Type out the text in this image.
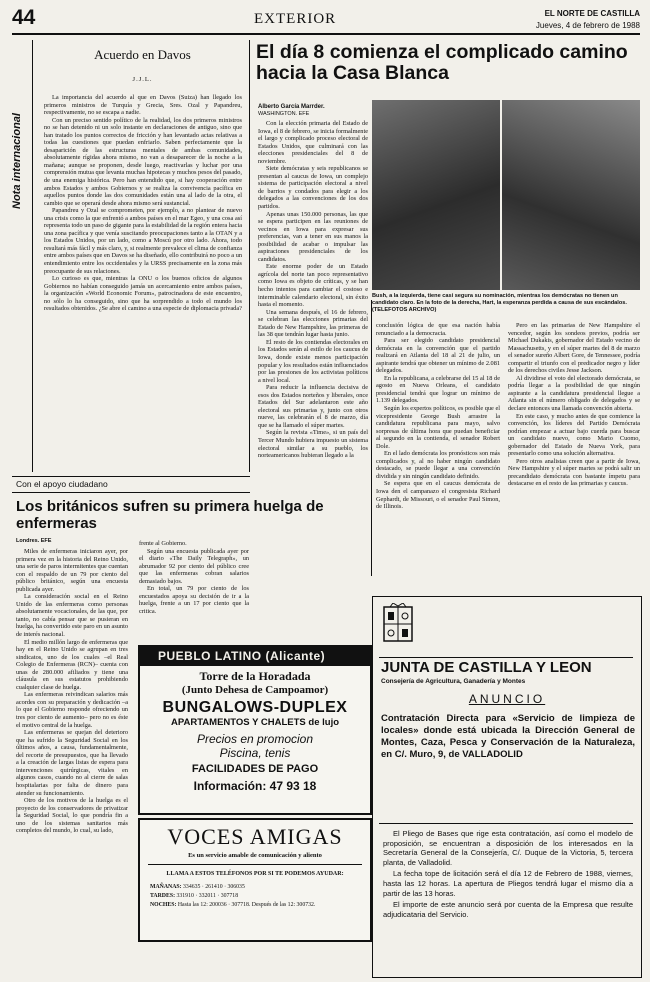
44	EXTERIOR	EL NORTE DE CASTILLA
Jueves, 4 de febrero de 1988
Nota internacional
Acuerdo en Davos
J.J.L.

La importancia del acuerdo al que en Davos (Suiza) han llegado los primeros ministros de Turquía y Grecia, Sres. Ozal y Papandreu, respectivamente, no se escapa a nadie.

Con un preciso sentido político de la realidad, los dos primeros ministros no se han detenido ni un solo instante en declaraciones de antiguo, sino que han tratado los puntos correctos de fricción y han levantado actas relativas a todas las cuestiones que puedan enfriarlo. Saben perfectamente que la desaparición de las estructuras mentales de ambas comunidades, absolutamente rígidas ahora mismo, no van a desaparecer de la noche a la mañana; aunque se proponen, desde luego, reactivarlas y luchar por una comprensión mutua que levanta muchas hipotecas y muchos pesos del pasado, de una enemiga histórica. Pero han entendido que, si hay cooperación entre ambos Estados y ambos Gobiernos y se realiza la convivencia pacífica en aquellos puntos donde las dos comunidades están una al lado de la otra, el cambio que se operará desde ahora mismo será sustancial.

Papandreu y Ozal se comprometen, por ejemplo, a no plantear de nuevo una crisis como la que enfrentó a ambos países en el mar Egeo, y una cosa así representa todo un paso de gigante para la estabilidad de la región entera hacia una zona pacífica y que venía suscitando preocupaciones tanto a la OTAN y a los Estados Unidos, por un lado, como a Moscú por otro lado. Ahora, todo resultará más fácil y más claro, y, si realmente prevalece el clima de confianza entre ambos países que en Davos se ha diseñado, ello contribuirá no poco a un entendimiento entre los occidentales y la URSS precisamente en la zona más preocupante de sus relaciones.

Lo curioso es que, mientras la ONU o los buenos oficios de algunos Gobiernos no habían conseguido jamás un acercamiento entre ambos países, la organización «World Economic Forum», patrocinadora de este encuentro, no sólo lo ha conseguido, sino que ha sorprendido a todo el mundo los resultados obtenidos. ¿Se abre el camino a una especie de diplomacia privada?

El día 8 comienza el complicado camino hacia la Casa Blanca
Alberto García Marrder.
WASHINGTON. EFE
Bush, a la izquierda, tiene casi segura su nominación, mientras los demócratas no tienen un candidato claro. En la foto de la derecha, Hart, la esperanza perdida a causa de sus escándalos. (TELEFOTOS ARCHIVO)

Con la elección primaria del Estado de Iowa, el 8 de febrero, se inicia formalmente el largo y complicado proceso electoral de Estados Unidos, que culminará con las elecciones presidenciales del 8 de noviembre.

Siete demócratas y seis republicanos se presentan al caucus de Iowa, un complejo sistema de participación electoral a nivel de barrios y condados para elegir a los delegados a las convenciones de los dos partidos.

Apenas unas 150.000 personas, las que se espera participen en las reuniones de vecinos en Iowa para expresar sus preferencias, van a tener en sus manos la posibilidad de acabar o impulsar las aspiraciones presidenciales de los candidatos.

Este enorme poder de un Estado agrícola del norte tan poco representativo como Iowa es objeto de críticas, y se han hecho intentos para cambiar el costoso e interminable calendario electoral, sin éxito hasta el momento.

Una semana después, el 16 de febrero, se celebran las elecciones primarias del Estado de New Hampshire, las primeras de las 38 que tendrán lugar hasta junio.

El resto de los contiendas electorales en los Estados serán al estilo de los caucus de Iowa, donde existe menos participación popular y los resultados están influenciados por las presiones de los activistas políticos a nivel local.

Para reducir la influencia decisiva de esos dos Estados norteños y liberales, once Estados del Sur adelantaron este año electoral sus primarias y, junto con otros nueve, las celebrarán el 8 de marzo, día que se ha llamado el súper martes.

Según la revista «Time», si un país del Tercer Mundo hubiera impuesto un sistema electoral similar a su pueblo, los norteamericanos hubieran llegado a la

conclusión lógica de que esa nación había renunciado a la democracia.

Para ser elegido candidato presidencial demócrata en la convención que el partido realizará en Atlanta del 18 al 21 de julio, un aspirante tendrá que obtener un mínimo de 2.081 delegados.

En la republicana, a celebrarse del 15 al 18 de agosto en Nueva Orleans, el candidato presidencial tendrá que lograr un mínimo de 1.139 delegados.

Según los expertos políticos, es posible que el vicepresidente George Bush arrastre la candidatura republicana para mayo, salvo sorpresas de última hora que puedan beneficiar al segundo en la contienda, el senador Robert Dole.

En el lado demócrata los pronósticos son más complicados y, al no haber ningún candidato destacado, se puede llegar a una convención dividida y sin ningún candidato definido.

Se espera que en el caucus demócrata de Iowa den el campanazo el congresista Richard Gephardt, de Missouri, o el senador Paul Simon, de Illinois.

Pero en las primarias de New Hampshire el vencedor, según los sondeos previos, podría ser Michael Dukakis, gobernador del Estado vecino de Massachusetts, y en el súper martes del 8 de marzo el senador sureño Albert Gore, de Tennessee, podría compartir el triunfo con el predicador negro y líder de los derechos civiles Jesse Jackson.

Al dividirse el voto del electorado demócrata, se podría llegar a la posibilidad de que ningún aspirante a la candidatura presidencial llegue a Atlanta sin el número obligado de delegados y se declare entonces una llamada convención abierta.

En este caso, y mucho antes de que comience la convención, los líderes del Partido Demócrata podrían empezar a actuar bajo cuerda para buscar un candidato nuevo, como Mario Cuomo, gobernador del Estado de Nueva York, para presentarlo como una solución alternativa.

Pero otros analistas creen que a partir de Iowa, New Hampshire y el súper martes se podrá salir un precandidato demócrata con bastante ímpetu para destacarse en el resto de las primarias y caucus.

Con el apoyo ciudadano
Los británicos sufren su primera huelga de enfermeras
Londres. EFE

Miles de enfermeras iniciaron ayer, por primera vez en la historia del Reino Unido, una serie de paros intermitentes que cuentan con el respaldo de un 79 por ciento del público británico, según una encuesta publicada ayer.

La consideración social en el Reino Unido de las enfermeras como personas absolutamente vocacionales, de las que, por tanto, no cabía pensar que se pusieran en huelga, ha convertido este paro en un asunto de interés nacional.

El medio millón largo de enfermeras que hay en el Reino Unido se agrupan en tres sindicatos, uno de los cuales –el Real Colegio de Enfermeras (RCN)– cuenta con unas de 280.000 afiliados y tiene una cláusula en sus estatutos prohibiendo cualquier clase de huelga.

Las enfermeras reivindican salarios más acordes con su preparación y dedicación –a lo que el Gobierno responde ofreciendo un tres por ciento de aumento– pero no es éste el motivo central de la huelga.

Las enfermeras se quejan del deterioro que ha sufrido la Seguridad Social en los últimos años, a causa, fundamentalmente, del recorte de presupuestos, que ha llevado a la creación de largas listas de espera para intervenciones quirúrgicas, vitales en algunos casos, cuando no al cierre de salas hospitalarias por falta de dinero para atender su funcionamiento.

Otro de los motivos de la huelga es el proyecto de los conservadores de privatizar la Seguridad Social, lo que pondría fin a uno de los sistemas sanitarios más completos del mundo, lo cual, su lado,

frente al Gobierno.

Según una encuesta publicada ayer por el diario «The Daily Telegraph», un abrumador 92 por ciento del público cree que las enfermeras cobran salarios demasiado bajos.

En total, un 79 por ciento de los encuestados apoya su decisión de ir a la huelga, frente a un 17 por ciento que la critica.

PUEBLO LATINO (Alicante)
Torre de la Horadada
(Junto Dehesa de Campoamor)
BUNGALOWS-DUPLEX
APARTAMENTOS Y CHALETS de lujo
Precios en promocion
Piscina, tenis
FACILIDADES DE PAGO
Información: 47 93 18
VOCES AMIGAS
Es un servicio amable de comunicación y aliento
LLAMA A ESTOS TELÉFONOS POR SI TE PODEMOS AYUDAR:
MAÑANAS: 334635 · 261410 · 306035
TARDES: 331910 · 332011 · 307718
NOCHES: Hasta las 12: 200036 · 307718. Después de las 12: 300732.
JUNTA DE CASTILLA Y LEON
Consejería de Agricultura, Ganadería y Montes
ANUNCIO
Contratación Directa para «Servicio de limpieza de locales» donde está ubicada la Dirección General de Montes, Caza, Pesca y Conservación de la Naturaleza, en C/. Muro, 9, de VALLADOLID

El Pliego de Bases que rige esta contratación, así como el modelo de proposición, se encuentran a disposición de los interesados en la Secretaría General de la Consejería, C/. Duque de la Victoria, 5, tercera planta, de Valladolid.

La fecha tope de licitación será el día 12 de Febrero de 1988, viernes, hasta las 12 horas. La apertura de Pliegos tendrá lugar el mismo día a partir de las 13 horas.

El importe de este anuncio será por cuenta de la Empresa que resulte adjudicataria del Servicio.
